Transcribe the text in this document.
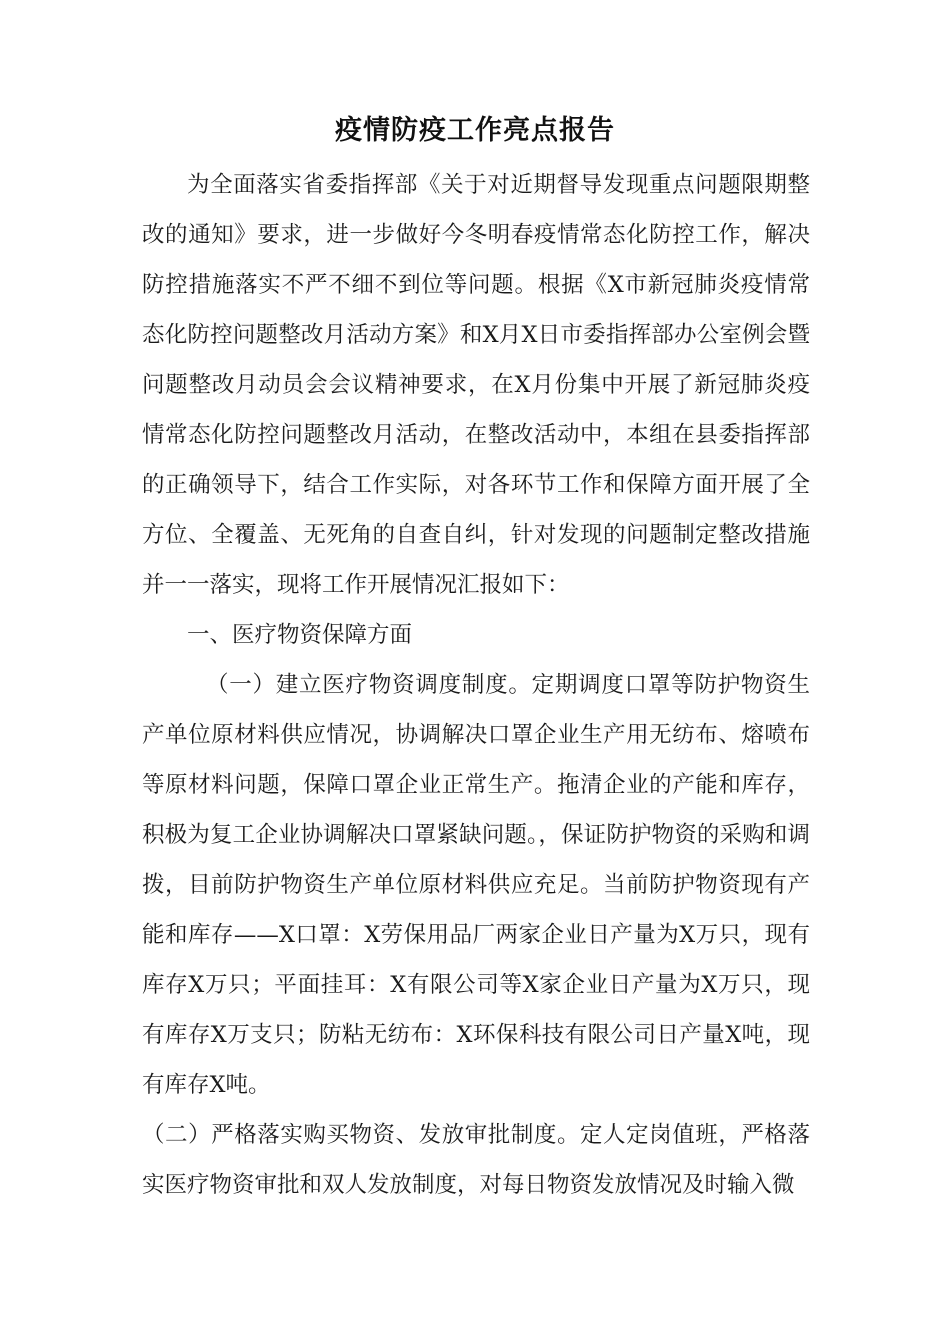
疫情防疫工作亮点报告

为全面落实省委指挥部《关于对近期督导发现重点问题限期整改的通知》要求，进一步做好今冬明春疫情常态化防控工作，解决防控措施落实不严不细不到位等问题。根据《X市新冠肺炎疫情常态化防控问题整改月活动方案》和X月X日市委指挥部办公室例会暨问题整改月动员会会议精神要求，在X月份集中开展了新冠肺炎疫情常态化防控问题整改月活动，在整改活动中，本组在县委指挥部的正确领导下，结合工作实际，对各环节工作和保障方面开展了全方位、全覆盖、无死角的自查自纠，针对发现的问题制定整改措施并一一落实，现将工作开展情况汇报如下：

一、医疗物资保障方面

（一）建立医疗物资调度制度。定期调度口罩等防护物资生产单位原材料供应情况，协调解决口罩企业生产用无纺布、熔喷布等原材料问题，保障口罩企业正常生产。拖清企业的产能和库存，积极为复工企业协调解决口罩紧缺问题。，保证防护物资的采购和调拨，目前防护物资生产单位原材料供应充足。当前防护物资现有产能和库存——X口罩：X劳保用品厂两家企业日产量为X万只，现有库存X万只；平面挂耳：X有限公司等X家企业日产量为X万只，现有库存X万支只；防粘无纺布：X环保科技有限公司日产量X吨，现有库存X吨。

（二）严格落实购买物资、发放审批制度。定人定岗值班，严格落实医疗物资审批和双人发放制度，对每日物资发放情况及时输入微
